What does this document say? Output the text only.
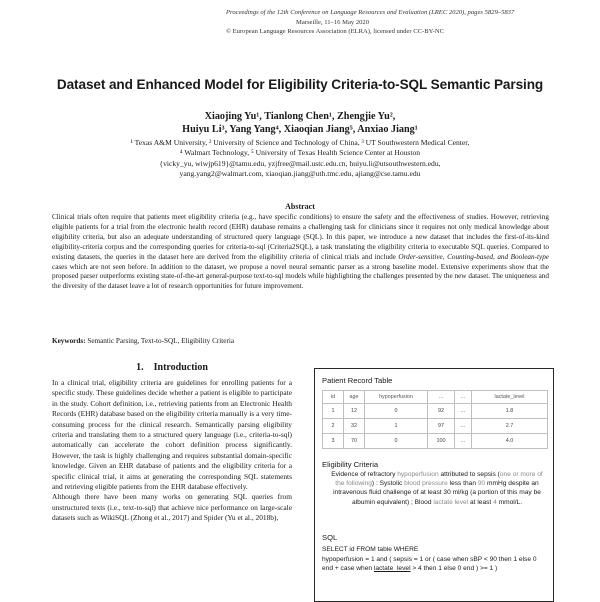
Proceedings of the 12th Conference on Language Resources and Evaluation (LREC 2020), pages 5829–5837
Marseille, 11–16 May 2020
© European Language Resources Association (ELRA), licensed under CC-BY-NC
Dataset and Enhanced Model for Eligibility Criteria-to-SQL Semantic Parsing
Xiaojing Yu¹, Tianlong Chen¹, Zhengjie Yu²,
Huiyu Li³, Yang Yang⁴, Xiaoqian Jiang⁵, Anxiao Jiang¹
¹ Texas A&M University, ² University of Science and Technology of China, ³ UT Southwestern Medical Center,
⁴ Walmart Technology, ⁵ University of Texas Health Science Center at Houston
{vicky_yu, wiwjp619}@tamu.edu, yzjfree@mail.ustc.edu.cn, huiyu.li@utsouthwestern.edu,
yang.yang2@walmart.com, xiaoqian.jiang@uth.tmc.edu, ajiang@cse.tamu.edu
Abstract
Clinical trials often require that patients meet eligibility criteria (e.g., have specific conditions) to ensure the safety and the effectiveness of studies. However, retrieving eligible patients for a trial from the electronic health record (EHR) database remains a challenging task for clinicians since it requires not only medical knowledge about eligibility criteria, but also an adequate understanding of structured query language (SQL). In this paper, we introduce a new dataset that includes the first-of-its-kind eligibility-criteria corpus and the corresponding queries for criteria-to-sql (Criteria2SQL), a task translating the eligibility criteria to executable SQL queries. Compared to existing datasets, the queries in the dataset here are derived from the eligibility criteria of clinical trials and include Order-sensitive, Counting-based, and Boolean-type cases which are not seen before. In addition to the dataset, we propose a novel neural semantic parser as a strong baseline model. Extensive experiments show that the proposed parser outperforms existing state-of-the-art general-purpose text-to-sql models while highlighting the challenges presented by the new dataset. The uniqueness and the diversity of the dataset leave a lot of research opportunities for future improvement.
Keywords: Semantic Parsing, Text-to-SQL, Eligibility Criteria
1. Introduction

In a clinical trial, eligibility criteria are guidelines for enrolling patients for a specific study. These guidelines decide whether a patient is eligible to participate in the study. Cohort definition, i.e., retrieving patients from an Electronic Health Records (EHR) database based on the eligibility criteria manually is a very time-consuming process for the clinical research. Semantically parsing eligibility criteria and translating them to a structured query language (i.e., criteria-to-sql) automatically can accelerate the cohort definition process significantly. However, the task is highly challenging and requires substantial domain-specific knowledge. Given an EHR database of patients and the eligibility criteria for a specific clinical trial, it aims at generating the corresponding SQL statements and retrieving eligible patients from the EHR database effectively.

Although there have been many works on generating SQL queries from unstructured texts (i.e., text-to-sql) that achieve nice performance on large-scale datasets such as WikiSQL (Zhong et al., 2017) and Spider (Yu et al., 2018b),

Patient Record Table
id	age	hypoperfusion	...	...	lactate_level
1	12	0	92	...	1.8
2	32	1	97	...	2.7
3	70	0	100	...	4.0
Eligibility Criteria
Evidence of refractory hypoperfusion attributed to sepsis (one or more of the following) : Systolic blood pressure less than 90 mmHg despite an intravenous fluid challenge of at least 30 ml/kg (a portion of this may be albumin equivalent) ; Blood lactate level at least 4 mmol/L.
SQL
SELECT id FROM table WHERE
hypoperfusion = 1 and ( sepsis = 1 or ( case when sBP < 90 then 1 else 0 end + case when lactate_level > 4 then 1 else 0 end ) >= 1 )
